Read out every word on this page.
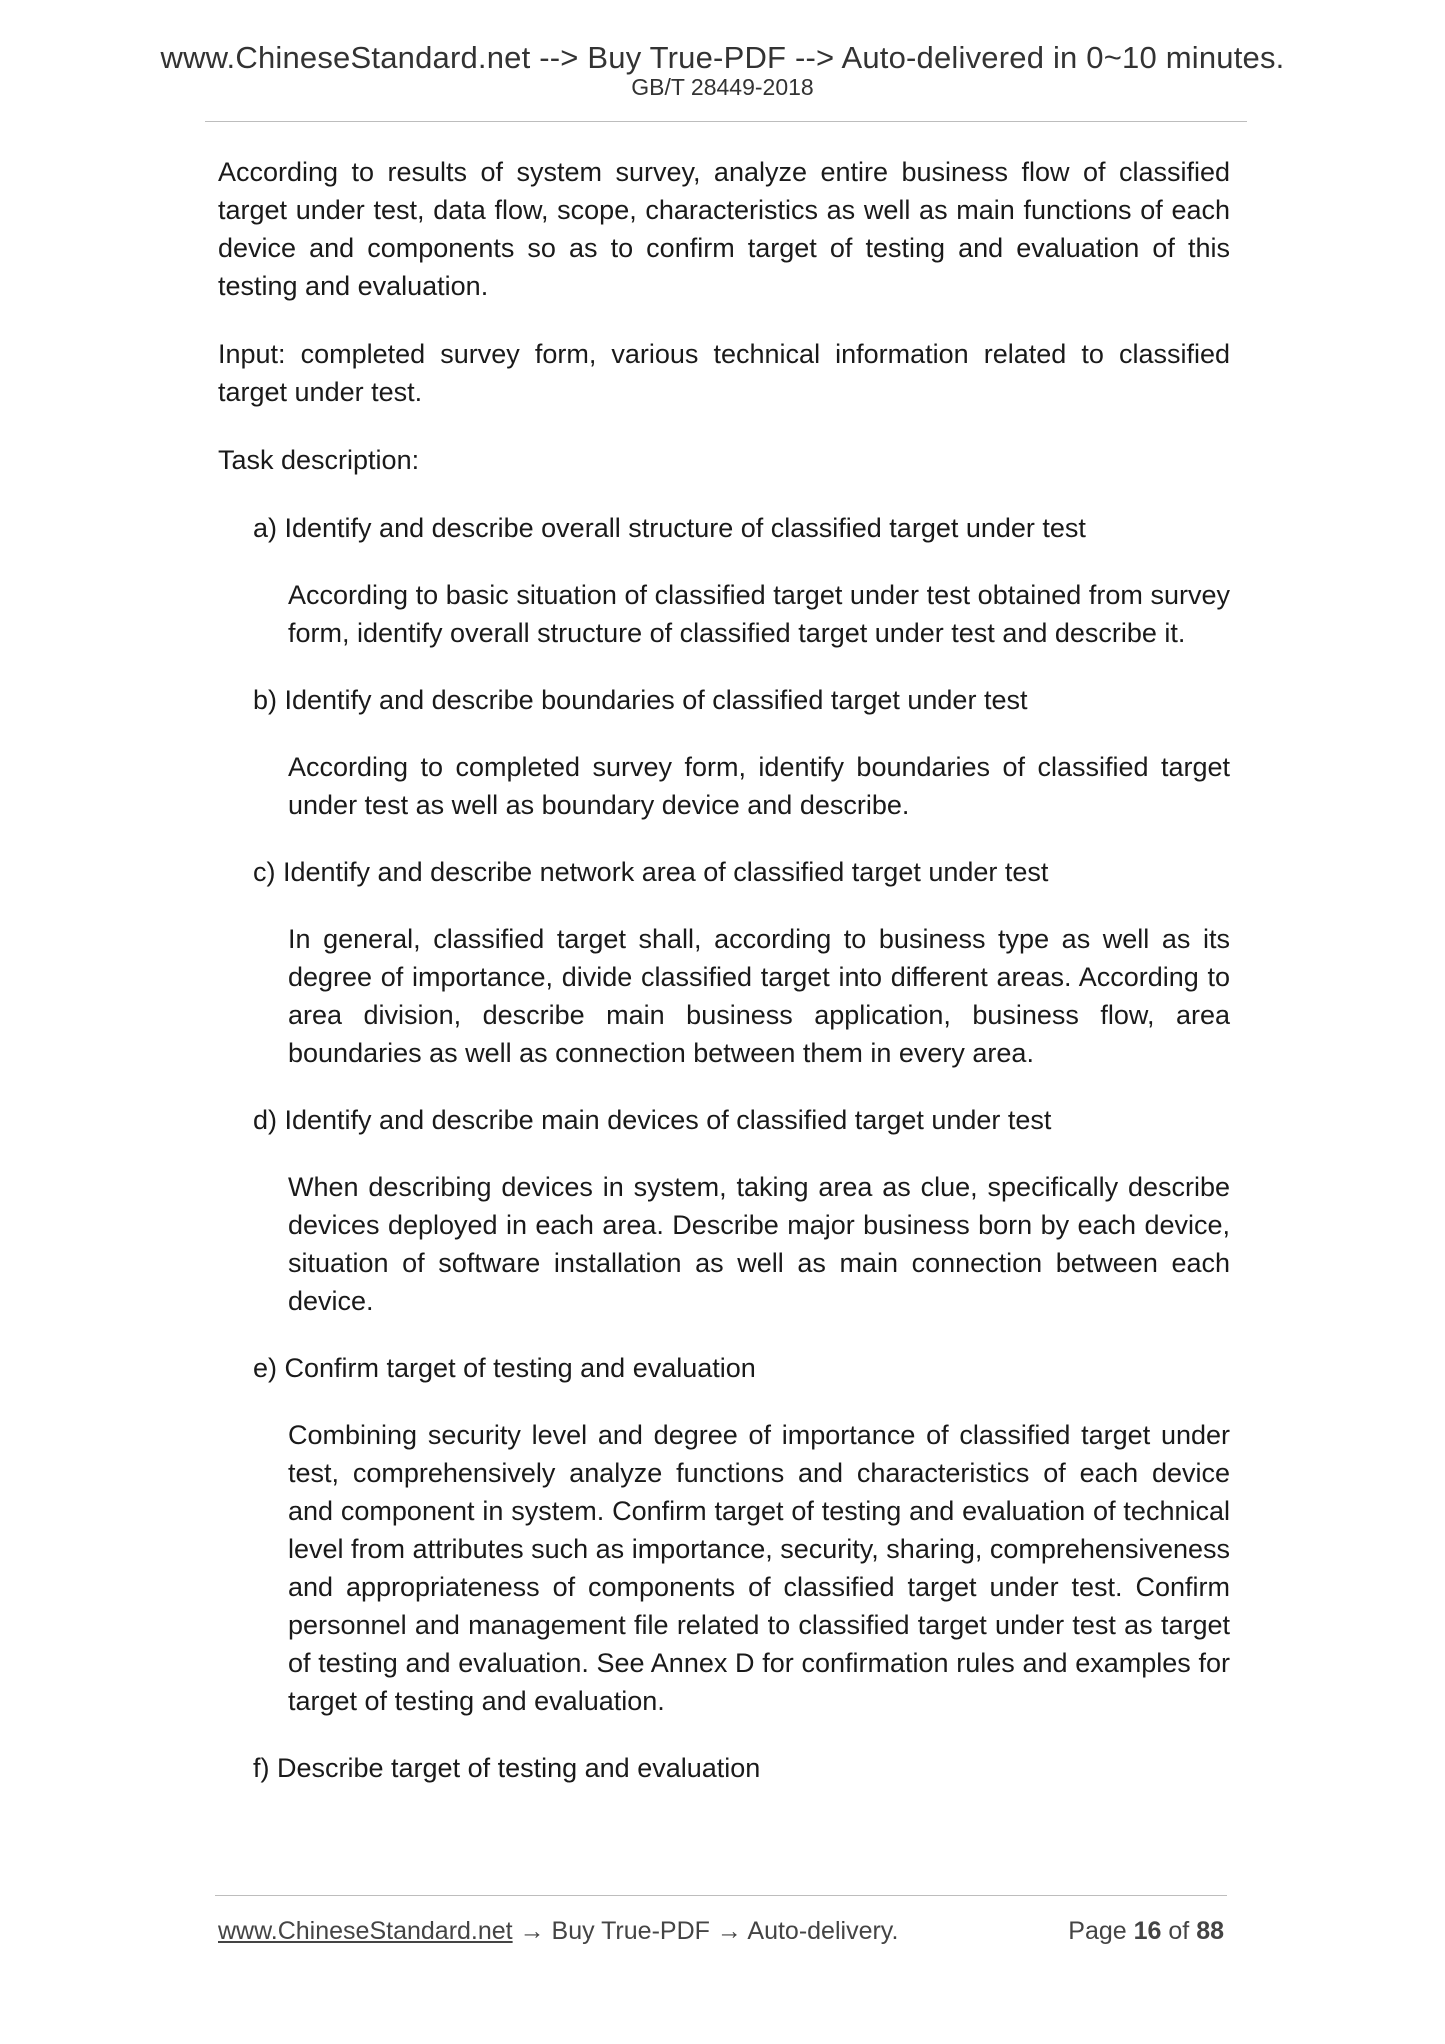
www.ChineseStandard.net --> Buy True-PDF --> Auto-delivered in 0~10 minutes.
GB/T 28449-2018

According to results of system survey, analyze entire business flow of classified target under test, data flow, scope, characteristics as well as main functions of each device and components so as to confirm target of testing and evaluation of this testing and evaluation.

Input: completed survey form, various technical information related to classified target under test.

Task description:

a) Identify and describe overall structure of classified target under test

According to basic situation of classified target under test obtained from survey form, identify overall structure of classified target under test and describe it.

b) Identify and describe boundaries of classified target under test

According to completed survey form, identify boundaries of classified target under test as well as boundary device and describe.

c) Identify and describe network area of classified target under test

In general, classified target shall, according to business type as well as its degree of importance, divide classified target into different areas. According to area division, describe main business application, business flow, area boundaries as well as connection between them in every area.

d) Identify and describe main devices of classified target under test

When describing devices in system, taking area as clue, specifically describe devices deployed in each area. Describe major business born by each device, situation of software installation as well as main connection between each device.

e) Confirm target of testing and evaluation

Combining security level and degree of importance of classified target under test, comprehensively analyze functions and characteristics of each device and component in system. Confirm target of testing and evaluation of technical level from attributes such as importance, security, sharing, comprehensiveness and appropriateness of components of classified target under test. Confirm personnel and management file related to classified target under test as target of testing and evaluation. See Annex D for confirmation rules and examples for target of testing and evaluation.

f) Describe target of testing and evaluation

www.ChineseStandard.net → Buy True-PDF → Auto-delivery.	Page 16 of 88
